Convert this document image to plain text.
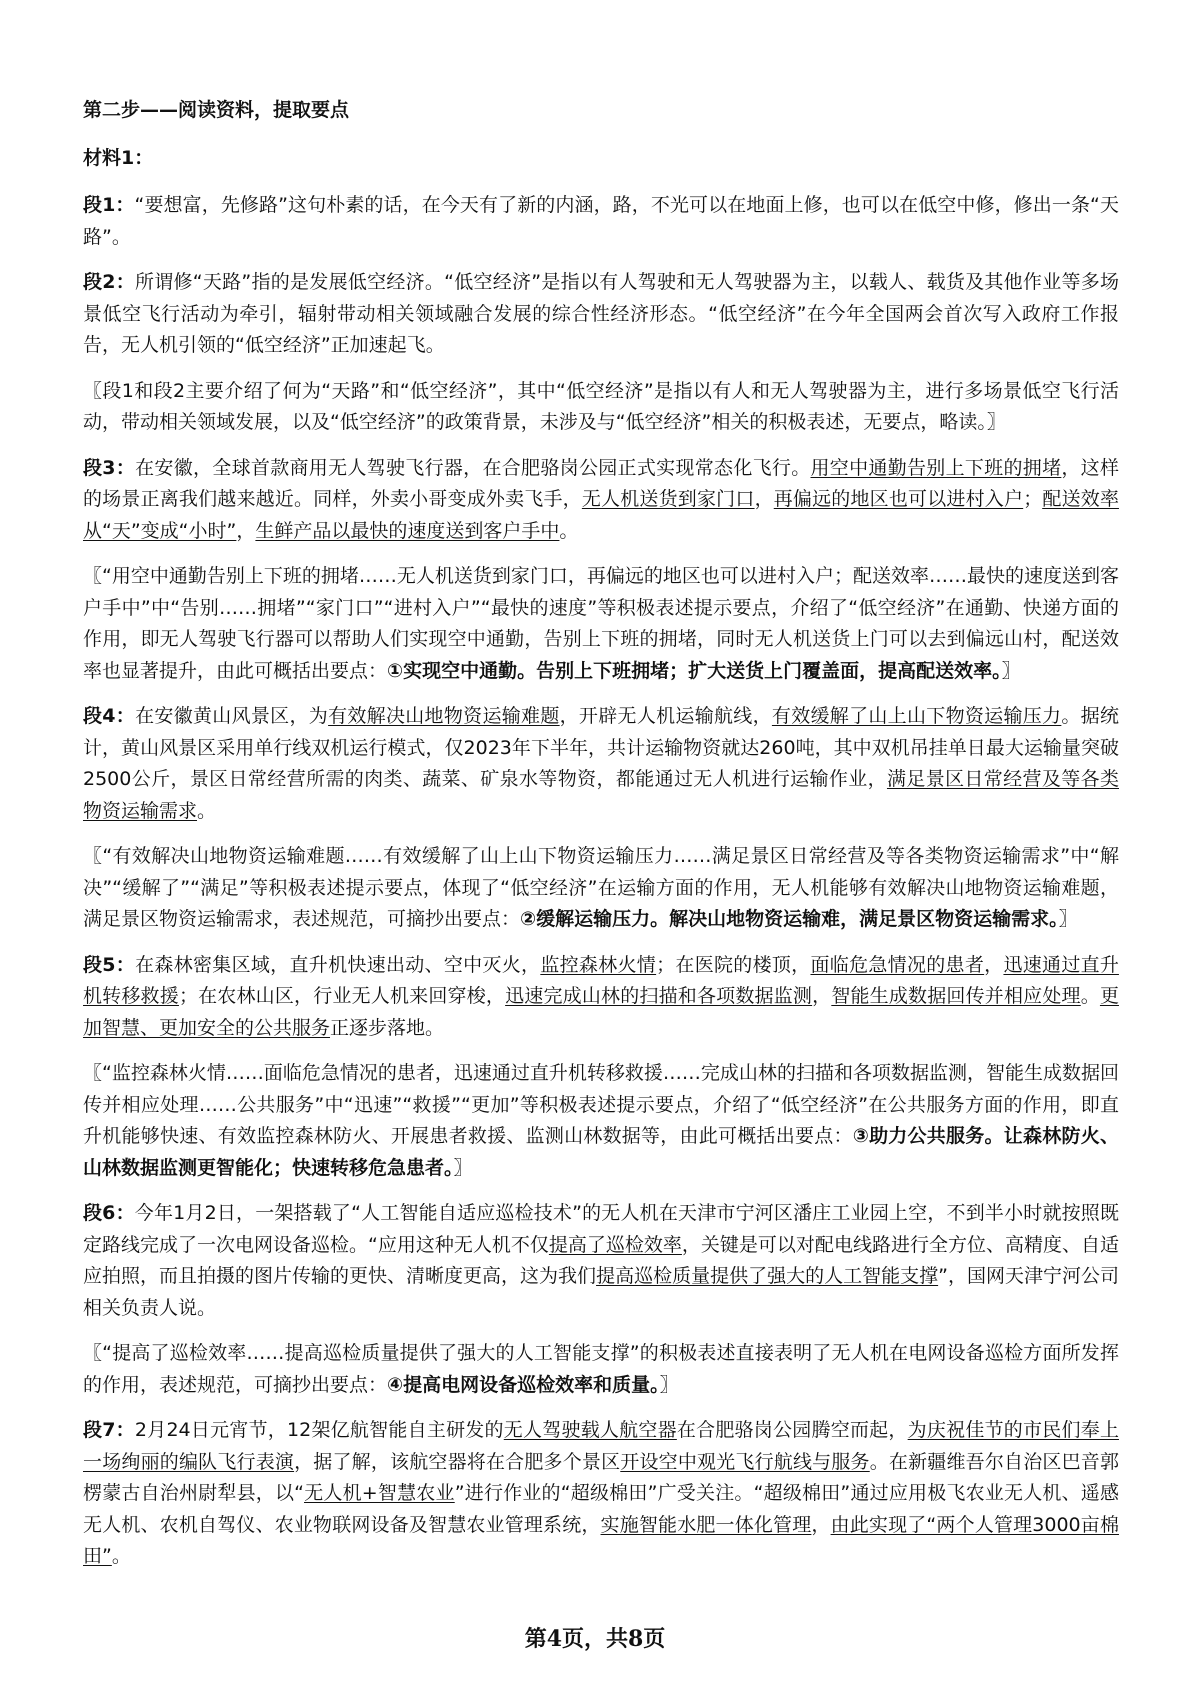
第二步——阅读资料，提取要点
材料1：

段1：“要想富，先修路”这句朴素的话，在今天有了新的内涵，路，不光可以在地面上修，也可以在低空中修，修出一条“天路”。

段2：所谓修“天路”指的是发展低空经济。“低空经济”是指以有人驾驶和无人驾驶器为主，以载人、载货及其他作业等多场景低空飞行活动为牵引，辐射带动相关领域融合发展的综合性经济形态。“低空经济”在今年全国两会首次写入政府工作报告，无人机引领的“低空经济”正加速起飞。

〖段1和段2主要介绍了何为“天路”和“低空经济”，其中“低空经济”是指以有人和无人驾驶器为主，进行多场景低空飞行活动，带动相关领域发展，以及“低空经济”的政策背景，未涉及与“低空经济”相关的积极表述，无要点，略读。〗

段3：在安徽，全球首款商用无人驾驶飞行器，在合肥骆岗公园正式实现常态化飞行。用空中通勤告别上下班的拥堵，这样的场景正离我们越来越近。同样，外卖小哥变成外卖飞手，无人机送货到家门口，再偏远的地区也可以进村入户；配送效率从“天”变成“小时”，生鲜产品以最快的速度送到客户手中。

〖“用空中通勤告别上下班的拥堵……无人机送货到家门口，再偏远的地区也可以进村入户；配送效率……最快的速度送到客户手中”中“告别……拥堵”“家门口”“进村入户”“最快的速度”等积极表述提示要点，介绍了“低空经济”在通勤、快递方面的作用，即无人驾驶飞行器可以帮助人们实现空中通勤，告别上下班的拥堵，同时无人机送货上门可以去到偏远山村，配送效率也显著提升，由此可概括出要点：①实现空中通勤。告别上下班拥堵；扩大送货上门覆盖面，提高配送效率。〗

段4：在安徽黄山风景区，为有效解决山地物资运输难题，开辟无人机运输航线，有效缓解了山上山下物资运输压力。据统计，黄山风景区采用单行线双机运行模式，仅2023年下半年，共计运输物资就达260吨，其中双机吊挂单日最大运输量突破2500公斤，景区日常经营所需的肉类、蔬菜、矿泉水等物资，都能通过无人机进行运输作业，满足景区日常经营及等各类物资运输需求。

〖“有效解决山地物资运输难题……有效缓解了山上山下物资运输压力……满足景区日常经营及等各类物资运输需求”中“解决”“缓解了”“满足”等积极表述提示要点，体现了“低空经济”在运输方面的作用，无人机能够有效解决山地物资运输难题，满足景区物资运输需求，表述规范，可摘抄出要点：②缓解运输压力。解决山地物资运输难，满足景区物资运输需求。〗

段5：在森林密集区域，直升机快速出动、空中灭火，监控森林火情；在医院的楼顶，面临危急情况的患者，迅速通过直升机转移救援；在农林山区，行业无人机来回穿梭，迅速完成山林的扫描和各项数据监测，智能生成数据回传并相应处理。更加智慧、更加安全的公共服务正逐步落地。

〖“监控森林火情……面临危急情况的患者，迅速通过直升机转移救援……完成山林的扫描和各项数据监测，智能生成数据回传并相应处理……公共服务”中“迅速”“救援”“更加”等积极表述提示要点，介绍了“低空经济”在公共服务方面的作用，即直升机能够快速、有效监控森林防火、开展患者救援、监测山林数据等，由此可概括出要点：③助力公共服务。让森林防火、山林数据监测更智能化；快速转移危急患者。〗

段6：今年1月2日，一架搭载了“人工智能自适应巡检技术”的无人机在天津市宁河区潘庄工业园上空，不到半小时就按照既定路线完成了一次电网设备巡检。“应用这种无人机不仅提高了巡检效率，关键是可以对配电线路进行全方位、高精度、自适应拍照，而且拍摄的图片传输的更快、清晰度更高，这为我们提高巡检质量提供了强大的人工智能支撑”，国网天津宁河公司相关负责人说。

〖“提高了巡检效率……提高巡检质量提供了强大的人工智能支撑”的积极表述直接表明了无人机在电网设备巡检方面所发挥的作用，表述规范，可摘抄出要点：④提高电网设备巡检效率和质量。〗

段7：2月24日元宵节，12架亿航智能自主研发的无人驾驶载人航空器在合肥骆岗公园腾空而起，为庆祝佳节的市民们奉上一场绚丽的编队飞行表演，据了解，该航空器将在合肥多个景区开设空中观光飞行航线与服务。在新疆维吾尔自治区巴音郭楞蒙古自治州尉犁县，以“无人机+智慧农业”进行作业的“超级棉田”广受关注。“超级棉田”通过应用极飞农业无人机、遥感无人机、农机自驾仪、农业物联网设备及智慧农业管理系统，实施智能水肥一体化管理，由此实现了“两个人管理3000亩棉田”。

第4页，共8页
